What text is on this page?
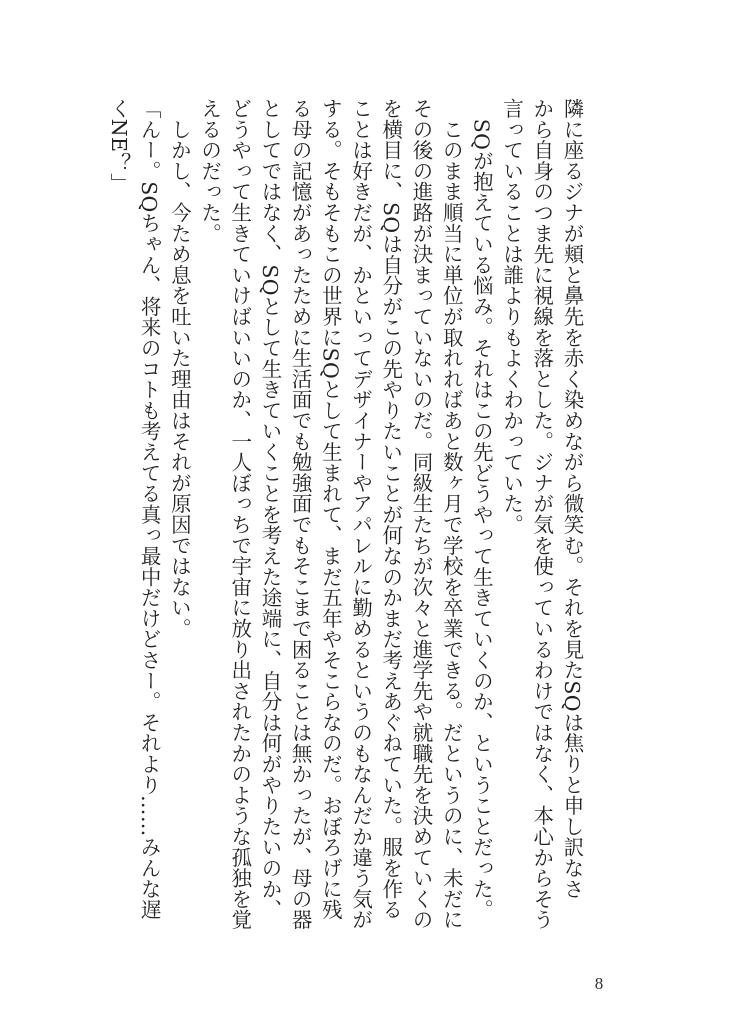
隣に座るジナが頬と鼻先を赤く染めながら微笑む。それを見たSQは焦りと申し訳なさ
から自身のつま先に視線を落とした。ジナが気を使っているわけではなく、本心からそう
言っていることは誰よりもよくわかっていた。
　SQが抱えている悩み。それはこの先どうやって生きていくのか、ということだった。
　このまま順当に単位が取れればあと数ヶ月で学校を卒業できる。だというのに、未だに
その後の進路が決まっていないのだ。同級生たちが次々と進学先や就職先を決めていくの
を横目に、SQは自分がこの先やりたいことが何なのかまだ考えあぐねていた。服を作る
ことは好きだが、かといってデザイナーやアパレルに勤めるというのもなんだか違う気が
する。そもそもこの世界にSQとして生まれて、まだ五年やそこらなのだ。おぼろげに残
る母の記憶があったために生活面でも勉強面でもそこまで困ることは無かったが、母の器
としてではなく、SQとして生きていくことを考えた途端に、自分は何がやりたいのか、
どうやって生きていけばいいのか、一人ぼっちで宇宙に放り出されたかのような孤独を覚
えるのだった。
　しかし、今ため息を吐いた理由はそれが原因ではない。
「んー。SQちゃん、将来のコトも考えてる真っ最中だけどさー。それより……みんな遅
くNE？」
8
